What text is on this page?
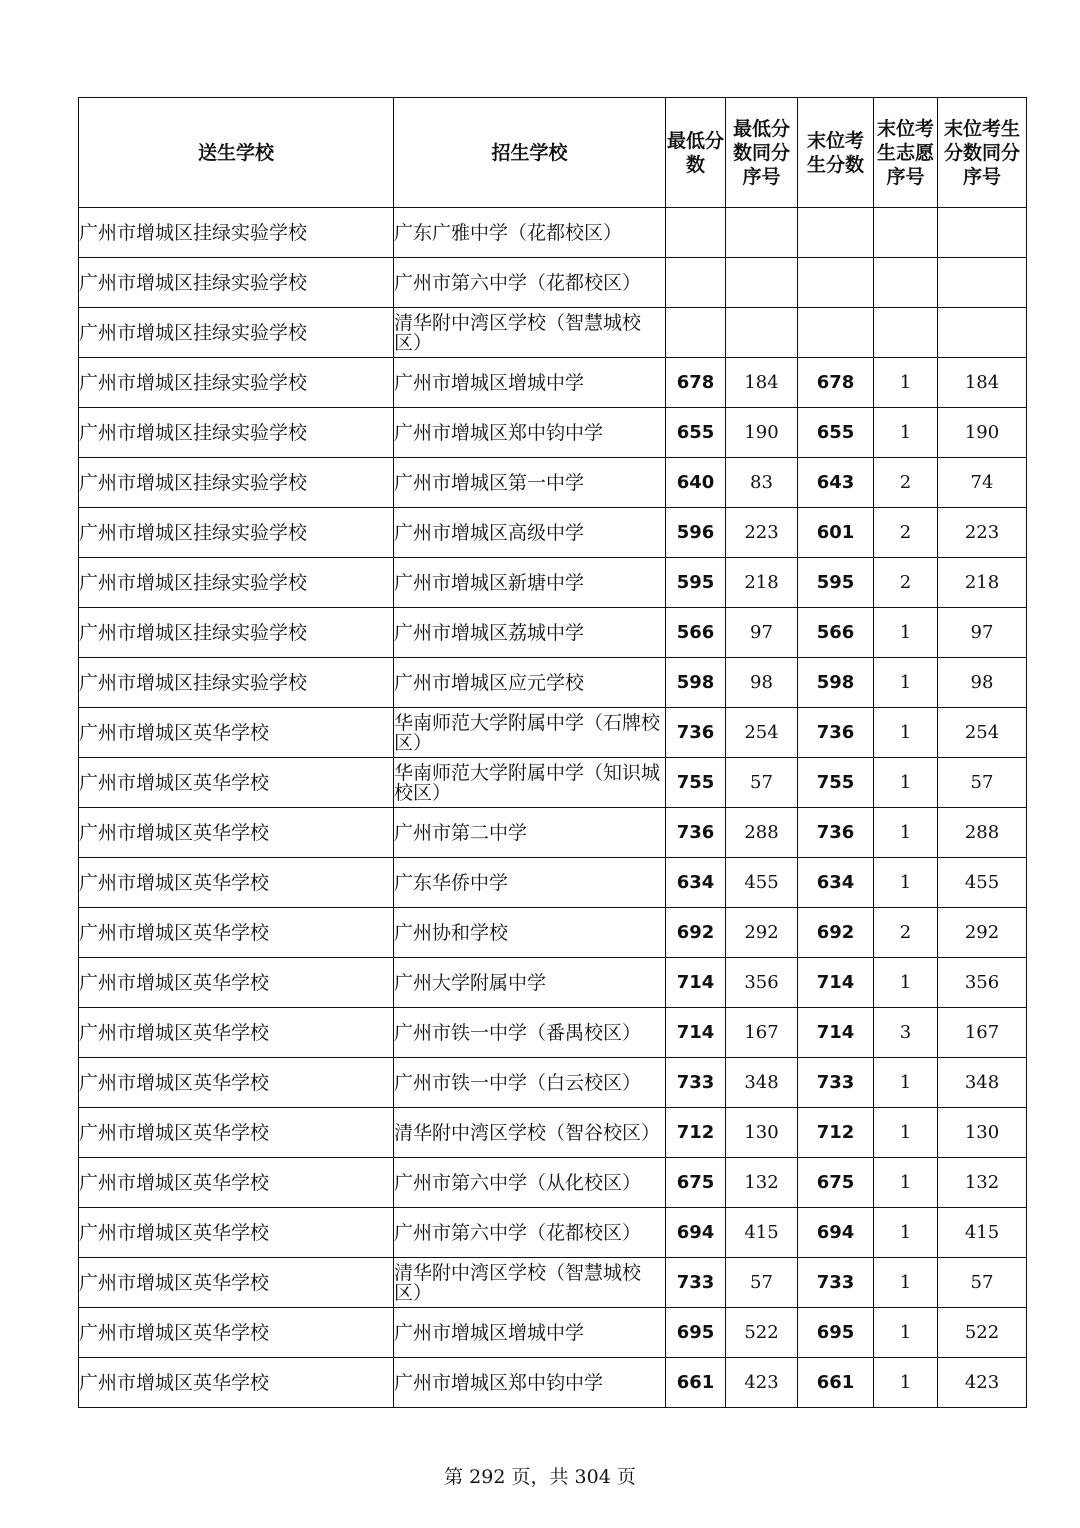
送生学校	招生学校	最低分数	最低分数同分序号	末位考生分数	末位考生志愿序号	末位考生分数同分序号
广州市增城区挂绿实验学校	广东广雅中学（花都校区）					
广州市增城区挂绿实验学校	广州市第六中学（花都校区）					
广州市增城区挂绿实验学校	清华附中湾区学校（智慧城校区）					
广州市增城区挂绿实验学校	广州市增城区增城中学	678	184	678	1	184
广州市增城区挂绿实验学校	广州市增城区郑中钧中学	655	190	655	1	190
广州市增城区挂绿实验学校	广州市增城区第一中学	640	83	643	2	74
广州市增城区挂绿实验学校	广州市增城区高级中学	596	223	601	2	223
广州市增城区挂绿实验学校	广州市增城区新塘中学	595	218	595	2	218
广州市增城区挂绿实验学校	广州市增城区荔城中学	566	97	566	1	97
广州市增城区挂绿实验学校	广州市增城区应元学校	598	98	598	1	98
广州市增城区英华学校	华南师范大学附属中学（石牌校区）	736	254	736	1	254
广州市增城区英华学校	华南师范大学附属中学（知识城校区）	755	57	755	1	57
广州市增城区英华学校	广州市第二中学	736	288	736	1	288
广州市增城区英华学校	广东华侨中学	634	455	634	1	455
广州市增城区英华学校	广州协和学校	692	292	692	2	292
广州市增城区英华学校	广州大学附属中学	714	356	714	1	356
广州市增城区英华学校	广州市铁一中学（番禺校区）	714	167	714	3	167
广州市增城区英华学校	广州市铁一中学（白云校区）	733	348	733	1	348
广州市增城区英华学校	清华附中湾区学校（智谷校区）	712	130	712	1	130
广州市增城区英华学校	广州市第六中学（从化校区）	675	132	675	1	132
广州市增城区英华学校	广州市第六中学（花都校区）	694	415	694	1	415
广州市增城区英华学校	清华附中湾区学校（智慧城校区）	733	57	733	1	57
广州市增城区英华学校	广州市增城区增城中学	695	522	695	1	522
广州市增城区英华学校	广州市增城区郑中钧中学	661	423	661	1	423
第 292 页，共 304 页
